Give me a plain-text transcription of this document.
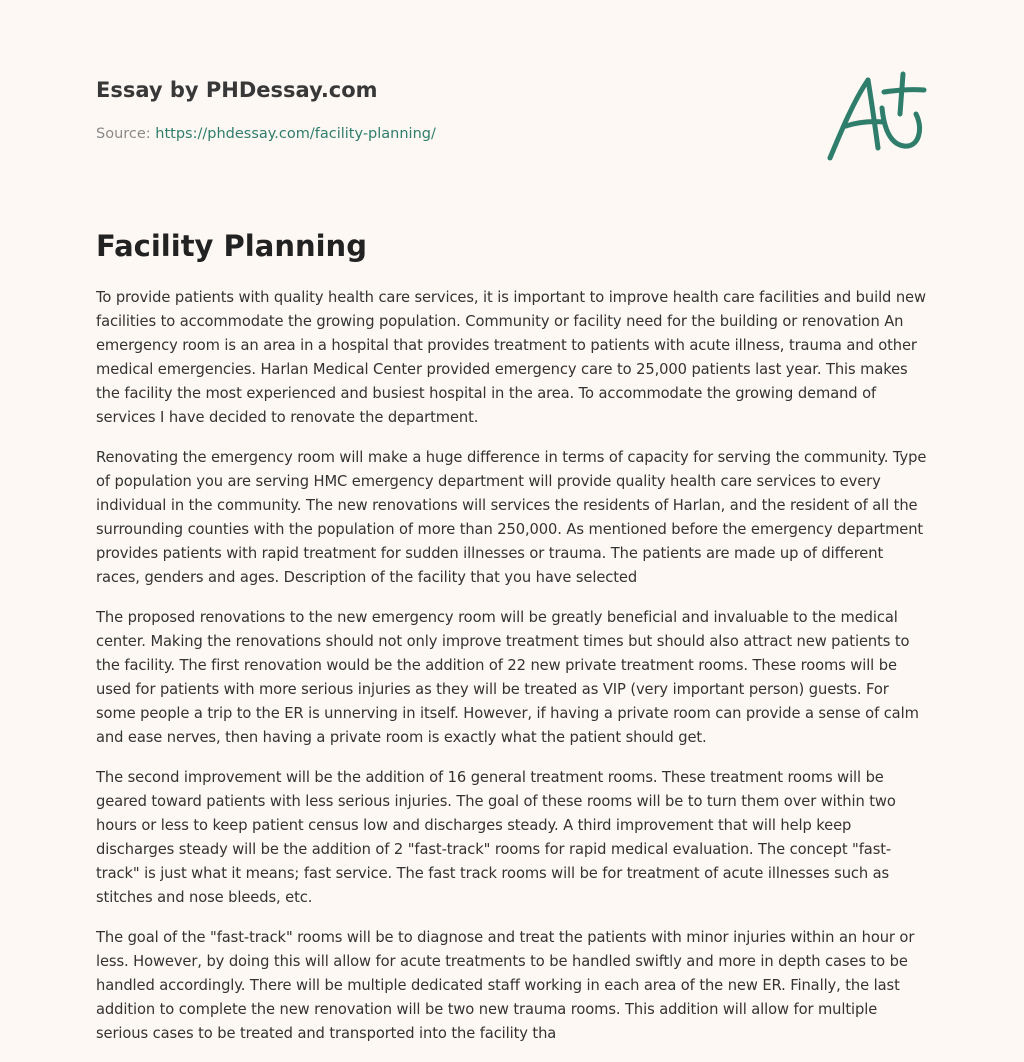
Essay by PHDessay.com
Source: https://phdessay.com/facility-planning/
Facility Planning

To provide patients with quality health care services, it is important to improve health care facilities and build new facilities to accommodate the growing population. Community or facility need for the building or renovation An emergency room is an area in a hospital that provides treatment to patients with acute illness, trauma and other medical emergencies. Harlan Medical Center provided emergency care to 25,000 patients last year. This makes the facility the most experienced and busiest hospital in the area. To accommodate the growing demand of services I have decided to renovate the department.

Renovating the emergency room will make a huge difference in terms of capacity for serving the community. Type of population you are serving HMC emergency department will provide quality health care services to every individual in the community. The new renovations will services the residents of Harlan, and the resident of all the surrounding counties with the population of more than 250,000. As mentioned before the emergency department provides patients with rapid treatment for sudden illnesses or trauma. The patients are made up of different races, genders and ages. Description of the facility that you have selected

The proposed renovations to the new emergency room will be greatly beneficial and invaluable to the medical center. Making the renovations should not only improve treatment times but should also attract new patients to the facility. The first renovation would be the addition of 22 new private treatment rooms. These rooms will be used for patients with more serious injuries as they will be treated as VIP (very important person) guests. For some people a trip to the ER is unnerving in itself. However, if having a private room can provide a sense of calm and ease nerves, then having a private room is exactly what the patient should get.

The second improvement will be the addition of 16 general treatment rooms. These treatment rooms will be geared toward patients with less serious injuries. The goal of these rooms will be to turn them over within two hours or less to keep patient census low and discharges steady. A third improvement that will help keep discharges steady will be the addition of 2 "fast-track" rooms for rapid medical evaluation. The concept "fast-track" is just what it means; fast service. The fast track rooms will be for treatment of acute illnesses such as stitches and nose bleeds, etc.

The goal of the "fast-track" rooms will be to diagnose and treat the patients with minor injuries within an hour or less. However, by doing this will allow for acute treatments to be handled swiftly and more in depth cases to be handled accordingly. There will be multiple dedicated staff working in each area of the new ER. Finally, the last addition to complete the new renovation will be two new trauma rooms. This addition will allow for multiple serious cases to be treated and transported into the facility tha
